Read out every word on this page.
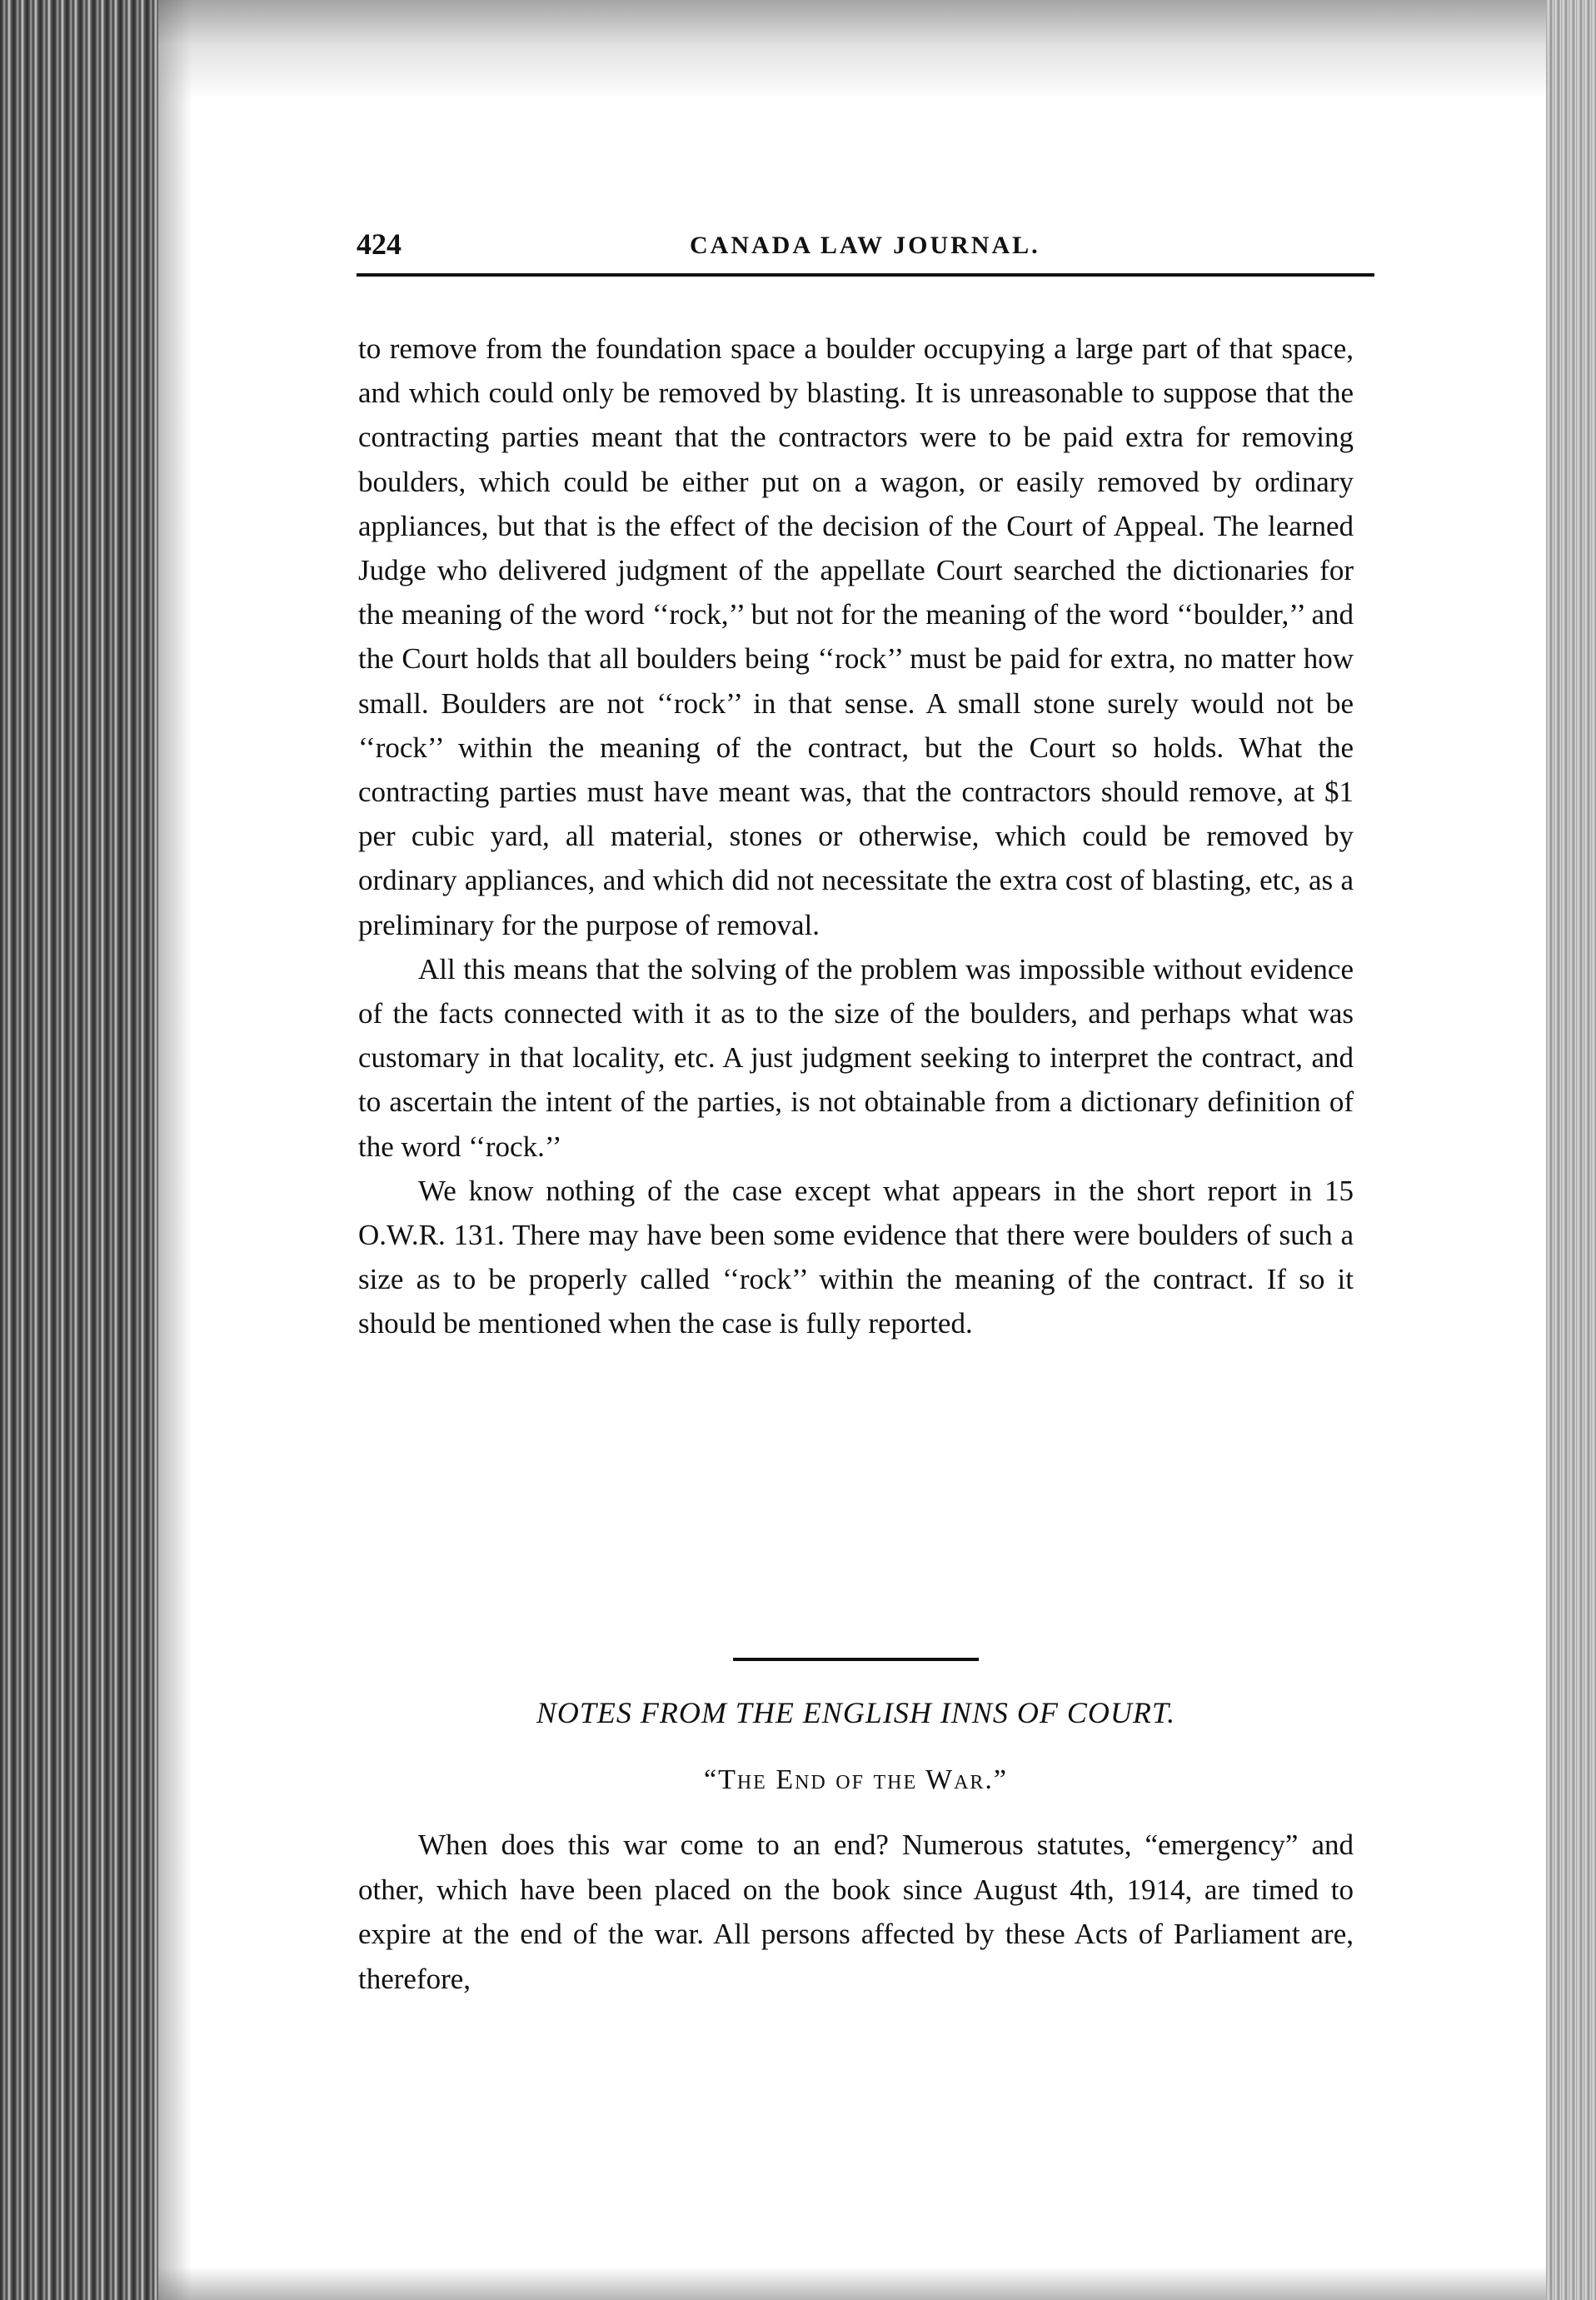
424	CANADA LAW JOURNAL.

to remove from the foundation space a boulder occupying a large part of that space, and which could only be removed by blasting. It is unreasonable to suppose that the contracting parties meant that the contractors were to be paid extra for removing boulders, which could be either put on a wagon, or easily removed by ordinary appliances, but that is the effect of the decision of the Court of Appeal. The learned Judge who delivered judgment of the appellate Court searched the dictionaries for the meaning of the word ‘‘rock,’’ but not for the meaning of the word ‘‘boulder,’’ and the Court holds that all boulders being ‘‘rock’’ must be paid for extra, no matter how small. Boulders are not ‘‘rock’’ in that sense. A small stone surely would not be ‘‘rock’’ within the meaning of the contract, but the Court so holds. What the contracting parties must have meant was, that the contractors should remove, at $1 per cubic yard, all material, stones or otherwise, which could be removed by ordinary appliances, and which did not necessitate the extra cost of blasting, etc, as a preliminary for the purpose of removal.

All this means that the solving of the problem was impossible without evidence of the facts connected with it as to the size of the boulders, and perhaps what was customary in that locality, etc. A just judgment seeking to interpret the contract, and to ascertain the intent of the parties, is not obtainable from a dictionary definition of the word ‘‘rock.’’

We know nothing of the case except what appears in the short report in 15 O.W.R. 131. There may have been some evidence that there were boulders of such a size as to be properly called ‘‘rock’’ within the meaning of the contract. If so it should be mentioned when the case is fully reported.

NOTES FROM THE ENGLISH INNS OF COURT.
“The End of the War.”

When does this war come to an end? Numerous statutes, “emergency” and other, which have been placed on the book since August 4th, 1914, are timed to expire at the end of the war. All persons affected by these Acts of Parliament are, therefore,
